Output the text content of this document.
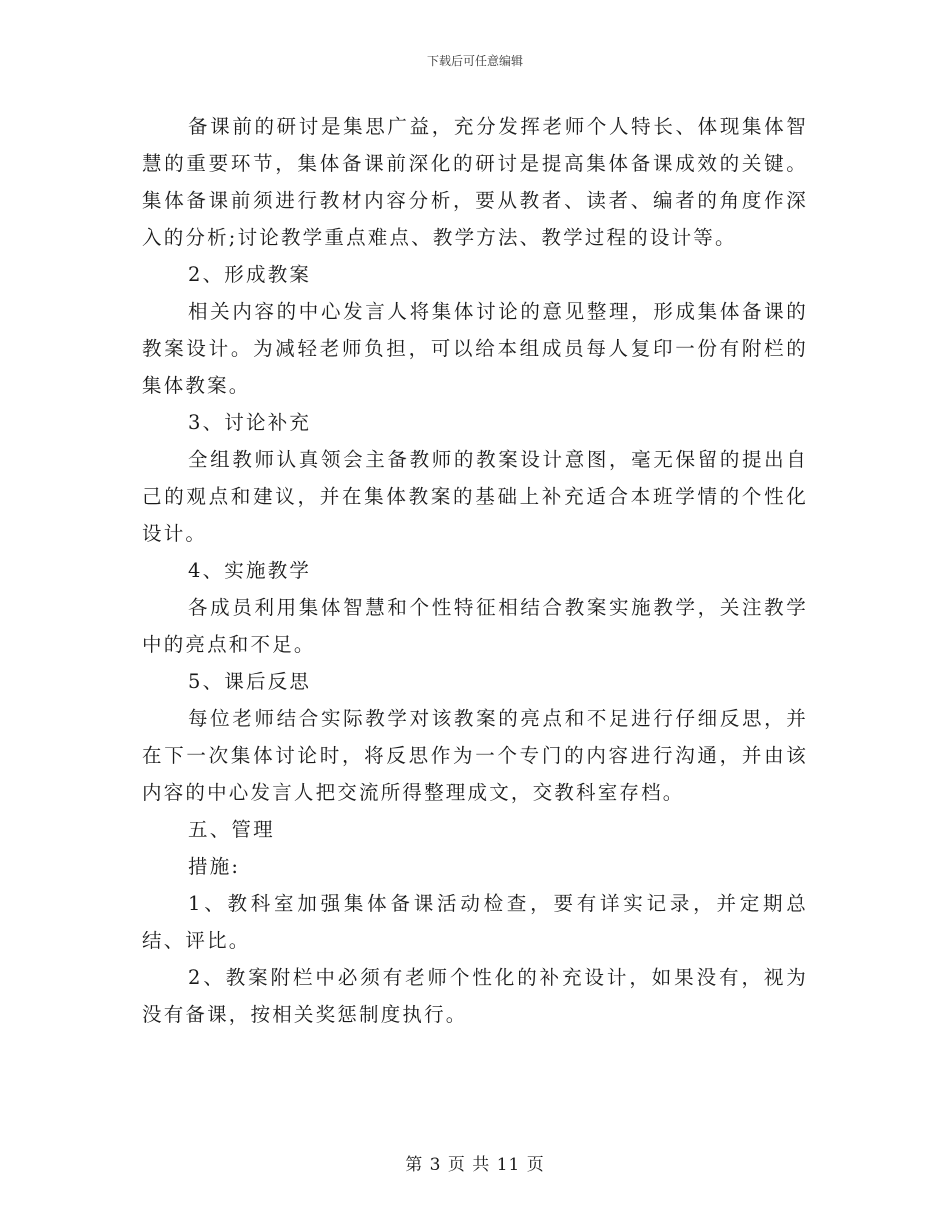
下载后可任意编辑

备课前的研讨是集思广益，充分发挥老师个人特长、体现集体智慧的重要环节，集体备课前深化的研讨是提高集体备课成效的关键。集体备课前须进行教材内容分析，要从教者、读者、编者的角度作深入的分析;讨论教学重点难点、教学方法、教学过程的设计等。

2、形成教案

相关内容的中心发言人将集体讨论的意见整理，形成集体备课的教案设计。为减轻老师负担，可以给本组成员每人复印一份有附栏的集体教案。

3、讨论补充

全组教师认真领会主备教师的教案设计意图，毫无保留的提出自己的观点和建议，并在集体教案的基础上补充适合本班学情的个性化设计。

4、实施教学

各成员利用集体智慧和个性特征相结合教案实施教学，关注教学中的亮点和不足。

5、课后反思

每位老师结合实际教学对该教案的亮点和不足进行仔细反思，并在下一次集体讨论时，将反思作为一个专门的内容进行沟通，并由该内容的中心发言人把交流所得整理成文，交教科室存档。

五、管理

措施:

1、教科室加强集体备课活动检查，要有详实记录，并定期总结、评比。

2、教案附栏中必须有老师个性化的补充设计，如果没有，视为没有备课，按相关奖惩制度执行。

第 3 页 共 11 页
